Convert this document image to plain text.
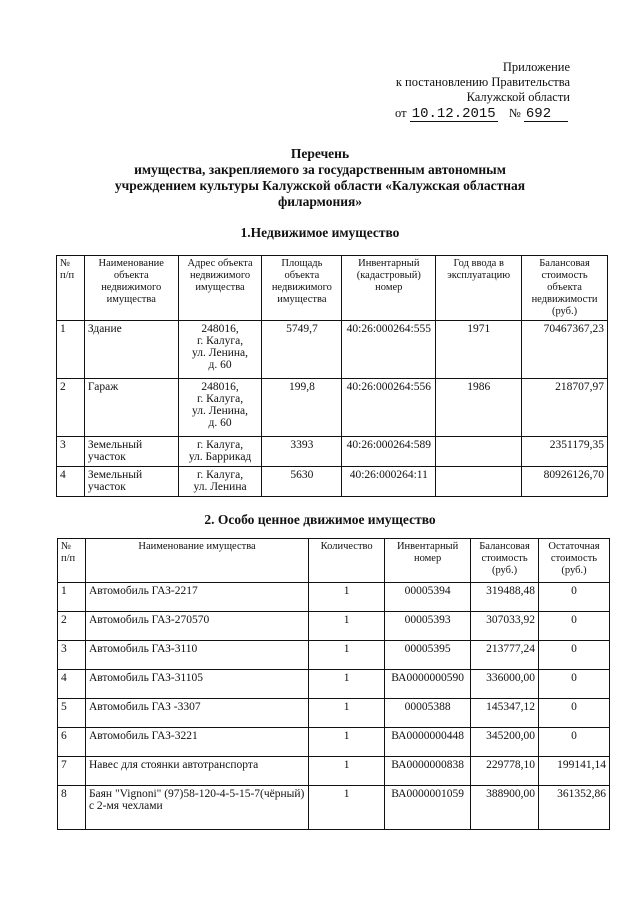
Приложение
к постановлению Правительства
Калужской области
от 10.12.2015 № 692
Перечень
имущества, закрепляемого за государственным автономным
учреждением культуры Калужской области «Калужская областная
филармония»
1.Недвижимое имущество
№ п/п	Наименование объекта недвижимого имущества	Адрес объекта недвижимого имущества	Площадь объекта недвижимого имущества	Инвентарный (кадастровый) номер	Год ввода в эксплуатацию	Балансовая стоимость объекта недвижимости (руб.)
1	Здание	248016,
г. Калуга,
ул. Ленина,
д. 60	5749,7	40:26:000264:555	1971	70467367,23
2	Гараж	248016,
г. Калуга,
ул. Ленина,
д. 60	199,8	40:26:000264:556	1986	218707,97
3	Земельный участок	г. Калуга,
ул. Баррикад	3393	40:26:000264:589		2351179,35
4	Земельный участок	г. Калуга,
ул. Ленина	5630	40:26:000264:11		80926126,70
2. Особо ценное движимое имущество
№ п/п	Наименование имущества	Количество	Инвентарный номер	Балансовая стоимость (руб.)	Остаточная стоимость (руб.)
1	Автомобиль ГАЗ-2217	1	00005394	319488,48	0
2	Автомобиль ГАЗ-270570	1	00005393	307033,92	0
3	Автомобиль ГАЗ-3110	1	00005395	213777,24	0
4	Автомобиль ГАЗ-31105	1	ВА0000000590	336000,00	0
5	Автомобиль ГАЗ -3307	1	00005388	145347,12	0
6	Автомобиль ГАЗ-3221	1	ВА0000000448	345200,00	0
7	Навес для стоянки автотранспорта	1	ВА0000000838	229778,10	199141,14
8	Баян "Vignoni" (97)58-120-4-5-15-7(чёрный) с 2-мя чехлами	1	ВА0000001059	388900,00	361352,86
